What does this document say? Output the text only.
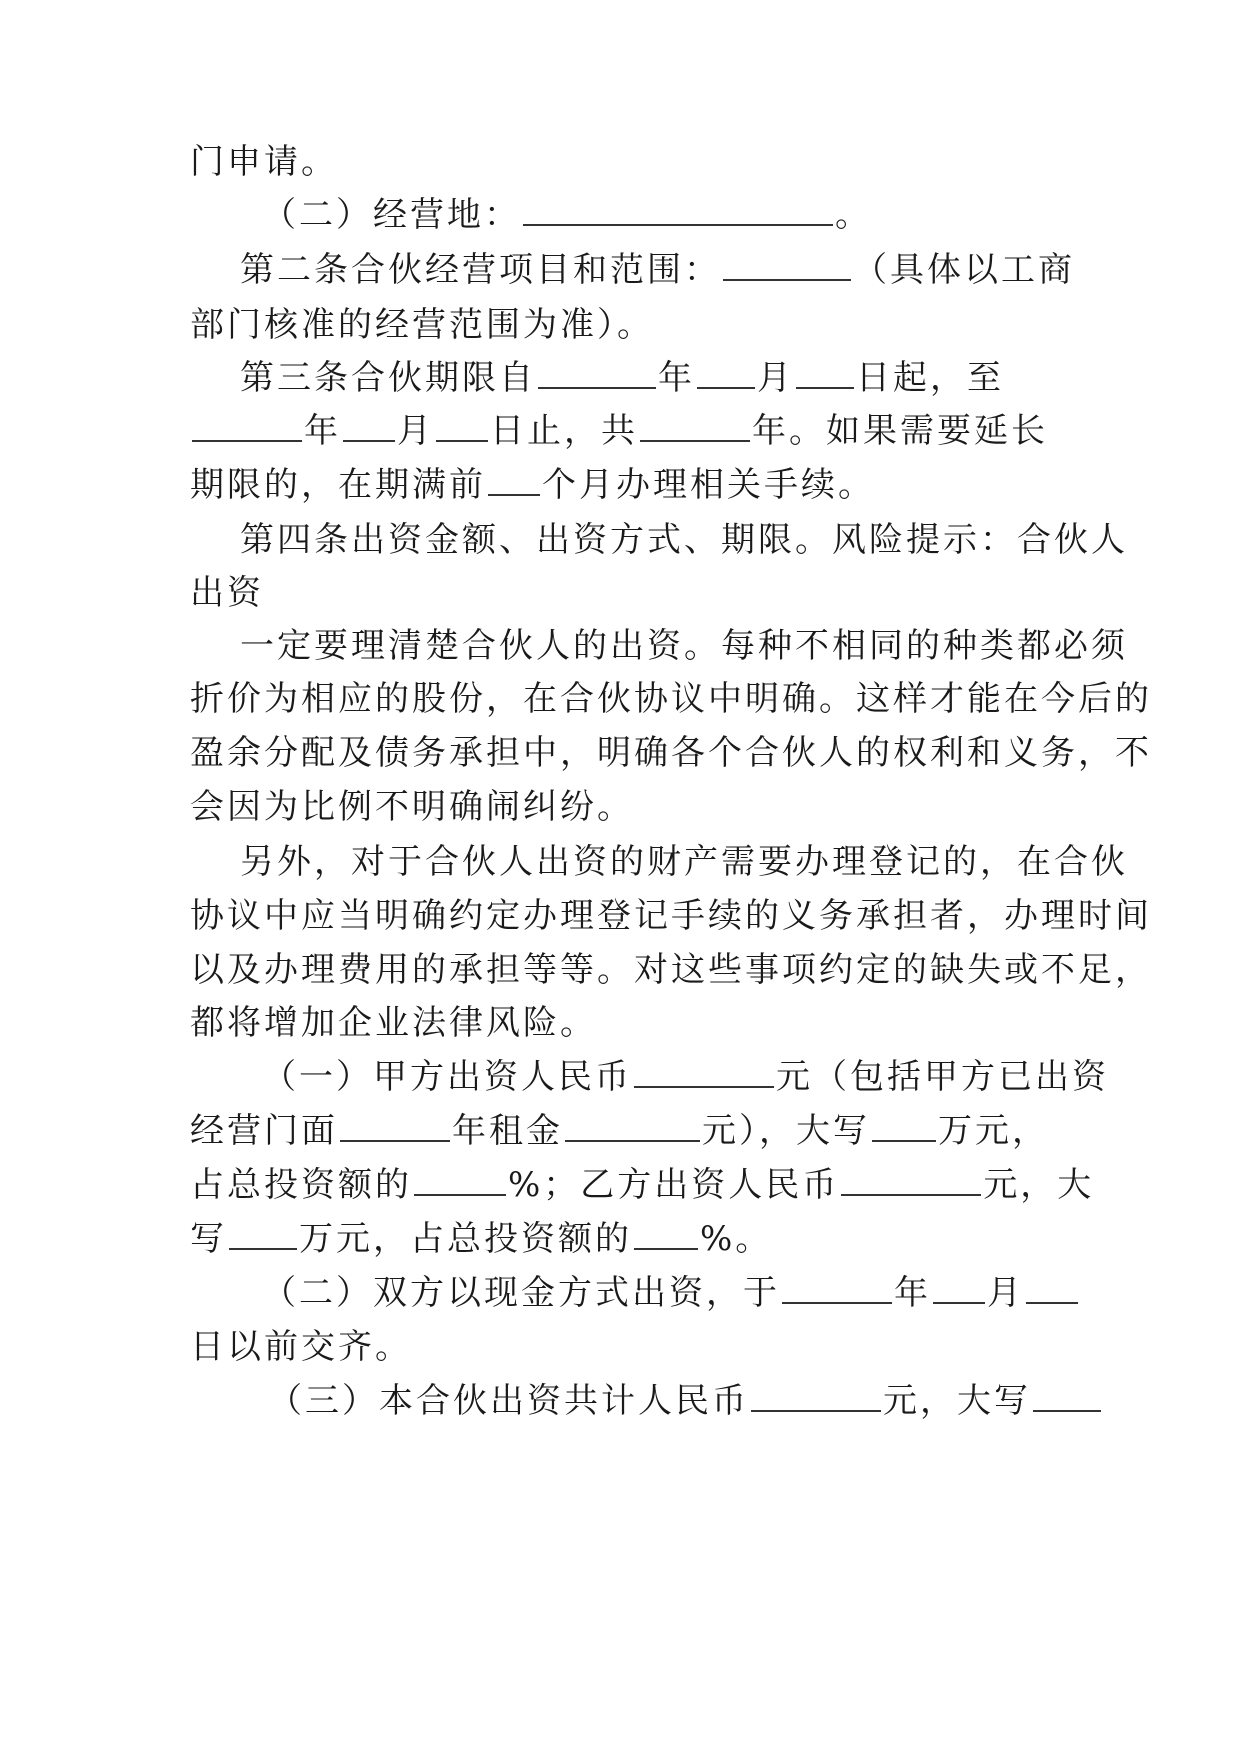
门申请。
（二）经营地：	。
第二条合伙经营项目和范围：	（具体以工商
部门核准的经营范围为准）。
第三条合伙期限自	年 月 日起，至
年 月 日止，共	年。如果需要延长
期限的，在期满前 个月办理相关手续。
第四条出资金额、出资方式、期限。风险提示：合伙人
出资
一定要理清楚合伙人的出资。每种不相同的种类都必须
折价为相应的股份，在合伙协议中明确。这样才能在今后的
盈余分配及债务承担中，明确各个合伙人的权利和义务，不
会因为比例不明确闹纠纷。
另外，对于合伙人出资的财产需要办理登记的，在合伙
协议中应当明确约定办理登记手续的义务承担者，办理时间
以及办理费用的承担等等。对这些事项约定的缺失或不足，
都将增加企业法律风险。
（一）甲方出资人民币	元（包括甲方已出资
经营门面	年租金	元），大写 万元，
占总投资额的	%；乙方出资人民币	元，大
写 万元，占总投资额的 %。
（二）双方以现金方式出资，于	年 月
日以前交齐。
（三）本合伙出资共计人民币	元，大写
